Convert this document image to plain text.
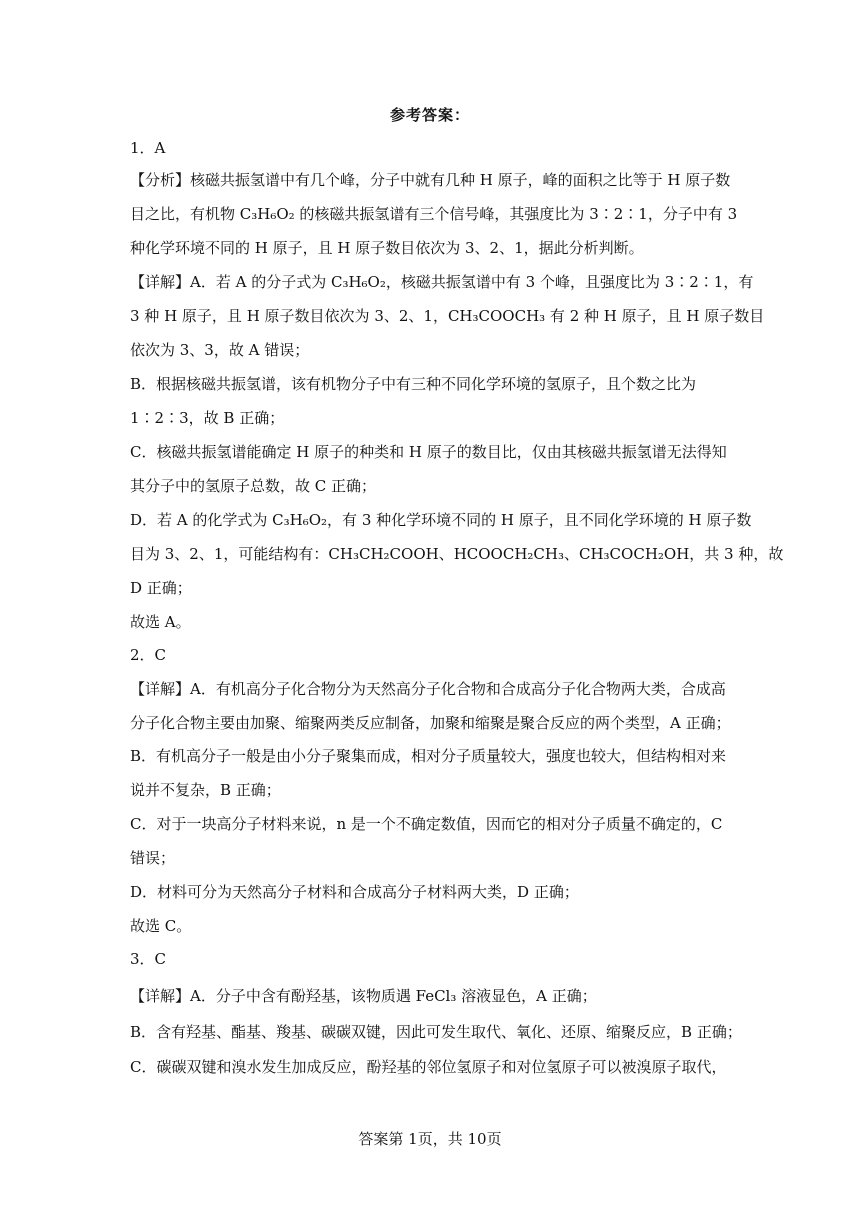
参考答案：
1．A
【分析】核磁共振氢谱中有几个峰，分子中就有几种 H 原子，峰的面积之比等于 H 原子数
目之比，有机物 C₃H₆O₂ 的核磁共振氢谱有三个信号峰，其强度比为 3∶2∶1，分子中有 3
种化学环境不同的 H 原子，且 H 原子数目依次为 3、2、1，据此分析判断。
【详解】A．若 A 的分子式为 C₃H₆O₂，核磁共振氢谱中有 3 个峰，且强度比为 3∶2∶1，有
3 种 H 原子，且 H 原子数目依次为 3、2、1，CH₃COOCH₃ 有 2 种 H 原子，且 H 原子数目
依次为 3、3，故 A 错误；
B．根据核磁共振氢谱，该有机物分子中有三种不同化学环境的氢原子，且个数之比为
1∶2∶3，故 B 正确；
C．核磁共振氢谱能确定 H 原子的种类和 H 原子的数目比，仅由其核磁共振氢谱无法得知
其分子中的氢原子总数，故 C 正确；
D．若 A 的化学式为 C₃H₆O₂，有 3 种化学环境不同的 H 原子，且不同化学环境的 H 原子数
目为 3、2、1，可能结构有：CH₃CH₂COOH、HCOOCH₂CH₃、CH₃COCH₂OH，共 3 种，故
D 正确；
故选 A。
2．C
【详解】A．有机高分子化合物分为天然高分子化合物和合成高分子化合物两大类，合成高
分子化合物主要由加聚、缩聚两类反应制备，加聚和缩聚是聚合反应的两个类型，A 正确；
B．有机高分子一般是由小分子聚集而成，相对分子质量较大，强度也较大，但结构相对来
说并不复杂，B 正确；
C．对于一块高分子材料来说，n 是一个不确定数值，因而它的相对分子质量不确定的，C
错误；
D．材料可分为天然高分子材料和合成高分子材料两大类，D 正确；
故选 C。
3．C
【详解】A．分子中含有酚羟基，该物质遇 FeCl₃ 溶液显色，A 正确；
B．含有羟基、酯基、羧基、碳碳双键，因此可发生取代、氧化、还原、缩聚反应，B 正确；
C．碳碳双键和溴水发生加成反应，酚羟基的邻位氢原子和对位氢原子可以被溴原子取代，
答案第 1页，共 10页
